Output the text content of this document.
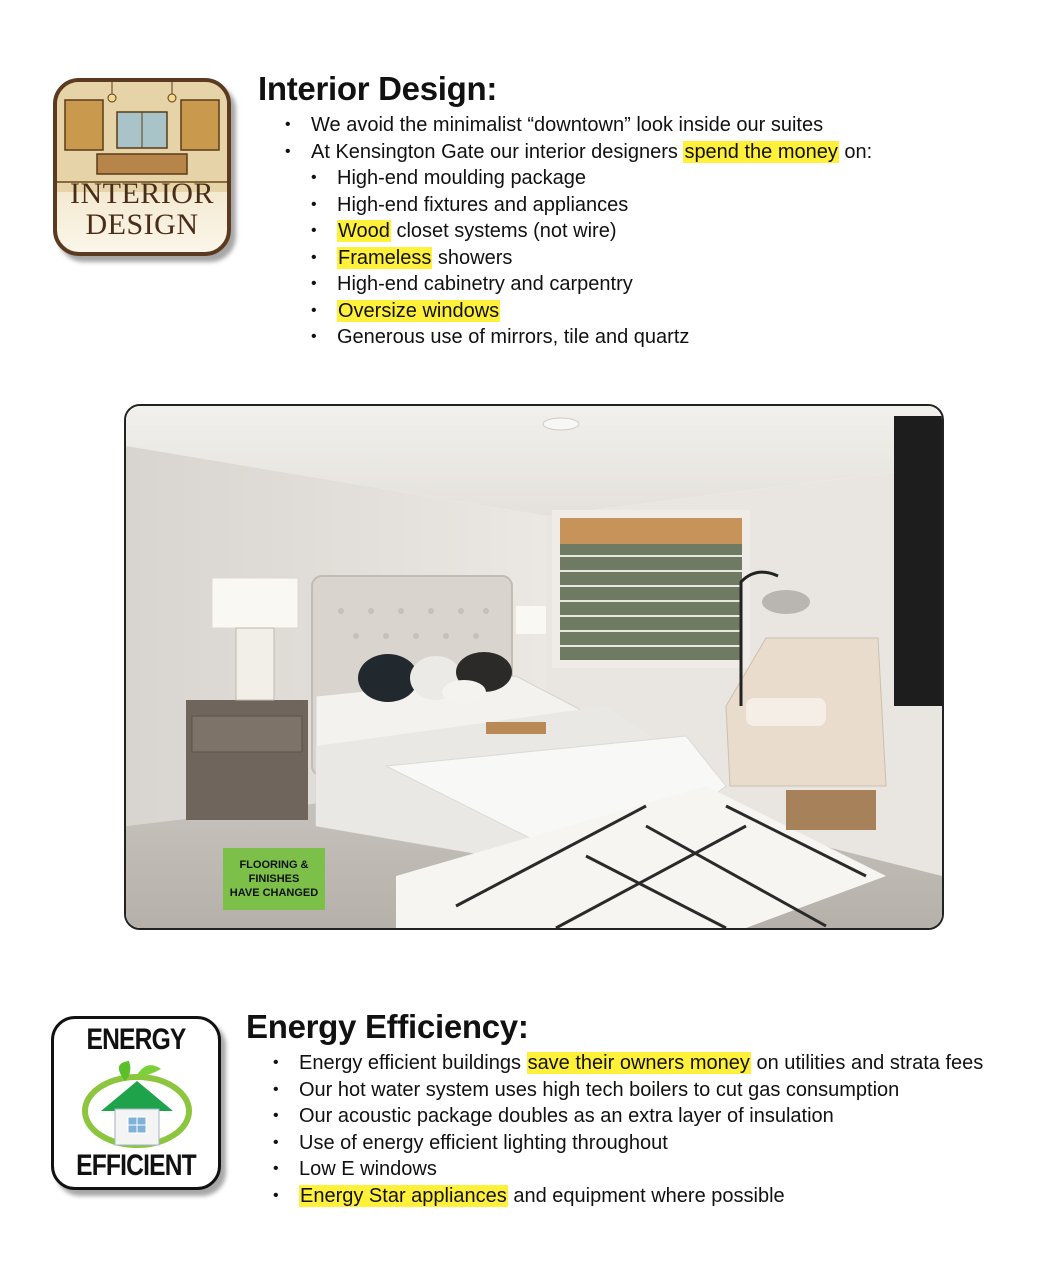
INTERIOR
DESIGN
Interior Design:
• We avoid the minimalist “downtown” look inside our suites
• At Kensington Gate our interior designers spend the money on:
• High-end moulding package
• High-end fixtures and appliances
• Wood closet systems (not wire)
• Frameless showers
• High-end cabinetry and carpentry
• Oversize windows
• Generous use of mirrors, tile and quartz
FLOORING &
FINISHES
HAVE CHANGED
ENERGY
EFFICIENT
Energy Efficiency:
• Energy efficient buildings save their owners money on utilities and strata fees
• Our hot water system uses high tech boilers to cut gas consumption
• Our acoustic package doubles as an extra layer of insulation
• Use of energy efficient lighting throughout
• Low E windows
• Energy Star appliances and equipment where possible
